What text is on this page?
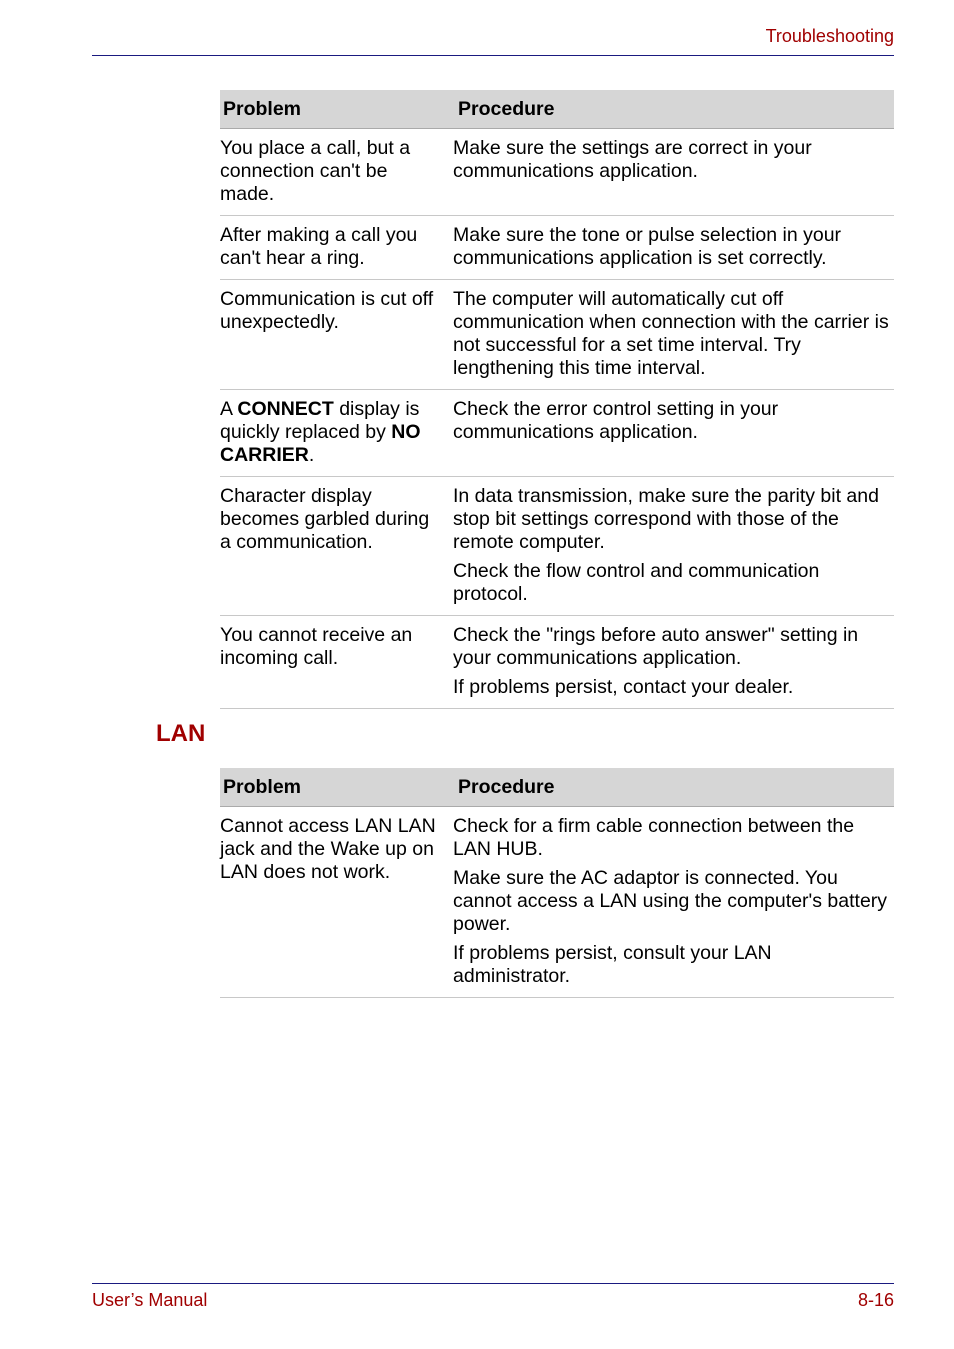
Troubleshooting
Problem	Procedure

You place a call, but a connection can't be made.	Make sure the settings are correct in your communications application.

After making a call you can't hear a ring.	Make sure the tone or pulse selection in your communications application is set correctly.

Communication is cut off unexpectedly.	The computer will automatically cut off communication when connection with the carrier is not successful for a set time interval. Try lengthening this time interval.

A CONNECT display is quickly replaced by NO CARRIER.	Check the error control setting in your communications application.

Character display becomes garbled during a communication.	In data transmission, make sure the parity bit and stop bit settings correspond with those of the remote computer.

Check the flow control and communication protocol.

You cannot receive an incoming call.	Check the "rings before auto answer" setting in your communications application.

If problems persist, contact your dealer.

LAN
Problem	Procedure

Cannot access LAN LAN jack and the Wake up on LAN does not work.	Check for a firm cable connection between the LAN HUB.

Make sure the AC adaptor is connected. You cannot access a LAN using the computer's battery power.

If problems persist, consult your LAN administrator.

User’s Manual	8-16
